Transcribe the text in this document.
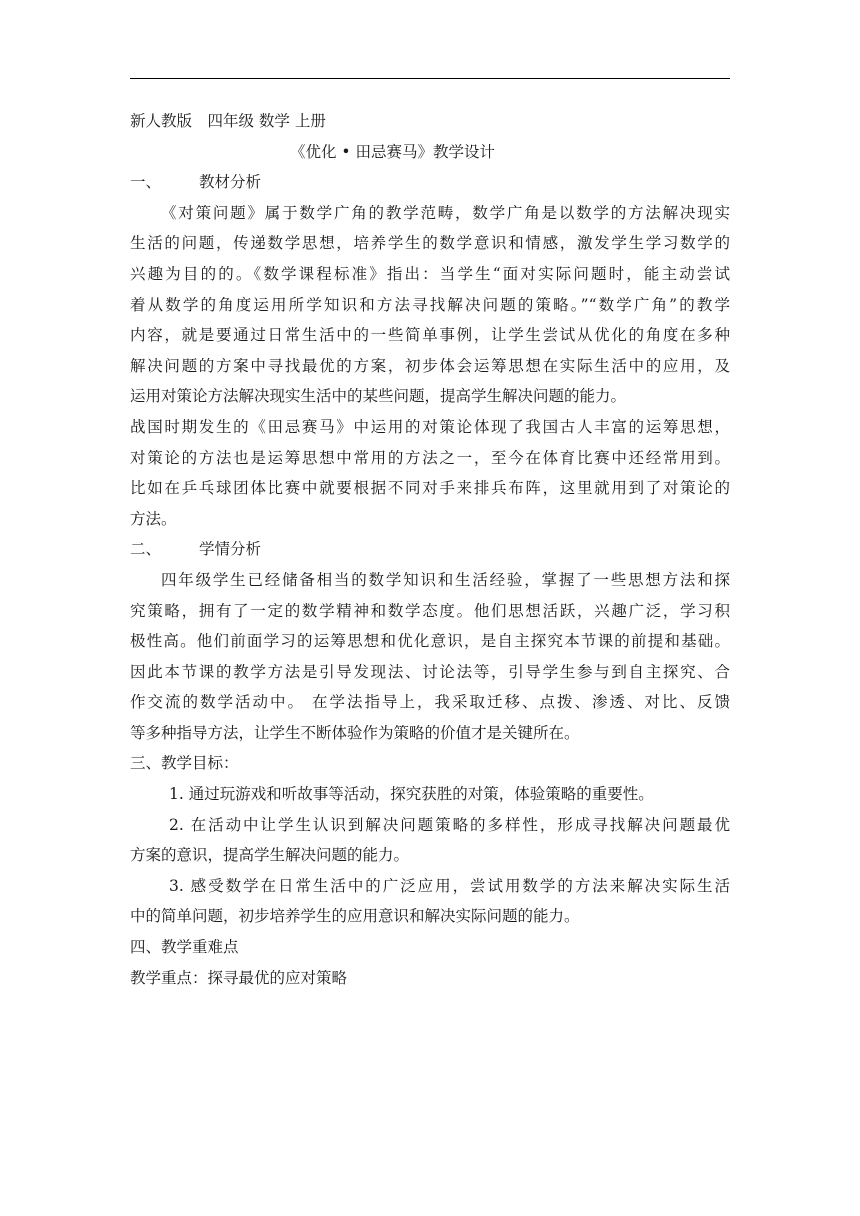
新人教版　四年级 数学 上册
《优化 • 田忌赛马》教学设计
一、 教材分析
《对策问题》属于数学广角的教学范畴，数学广角是以数学的方法解决现实
生活的问题，传递数学思想，培养学生的数学意识和情感，激发学生学习数学的
兴趣为目的的。《数学课程标准》指出：当学生“面对实际问题时，能主动尝试
着从数学的角度运用所学知识和方法寻找解决问题的策略。”“数学广角”的教学
内容，就是要通过日常生活中的一些简单事例，让学生尝试从优化的角度在多种
解决问题的方案中寻找最优的方案，初步体会运筹思想在实际生活中的应用，及
运用对策论方法解决现实生活中的某些问题，提高学生解决问题的能力。
战国时期发生的《田忌赛马》中运用的对策论体现了我国古人丰富的运筹思想，
对策论的方法也是运筹思想中常用的方法之一，至今在体育比赛中还经常用到。
比如在乒乓球团体比赛中就要根据不同对手来排兵布阵，这里就用到了对策论的
方法。
二、 学情分析
四年级学生已经储备相当的数学知识和生活经验，掌握了一些思想方法和探
究策略，拥有了一定的数学精神和数学态度。他们思想活跃，兴趣广泛，学习积
极性高。他们前面学习的运筹思想和优化意识，是自主探究本节课的前提和基础。
因此本节课的教学方法是引导发现法、讨论法等，引导学生参与到自主探究、合
作交流的数学活动中。 在学法指导上，我采取迁移、点拨、渗透、对比、反馈
等多种指导方法，让学生不断体验作为策略的价值才是关键所在。
三、教学目标：
1. 通过玩游戏和听故事等活动，探究获胜的对策，体验策略的重要性。
2. 在活动中让学生认识到解决问题策略的多样性，形成寻找解决问题最优
方案的意识，提高学生解决问题的能力。
3. 感受数学在日常生活中的广泛应用，尝试用数学的方法来解决实际生活
中的简单问题，初步培养学生的应用意识和解决实际问题的能力。
四、教学重难点
教学重点：探寻最优的应对策略
